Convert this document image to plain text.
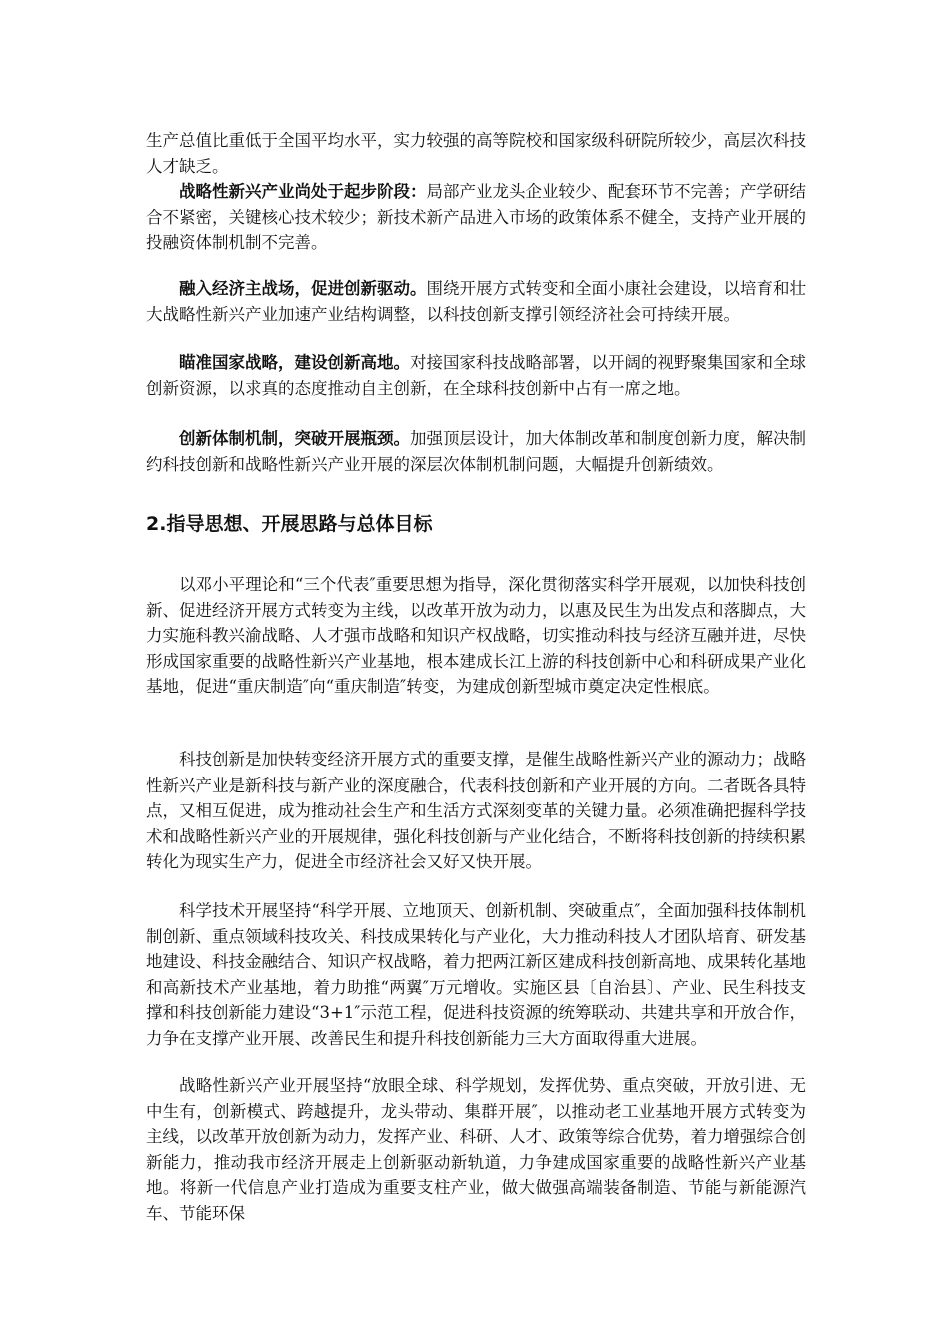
生产总值比重低于全国平均水平，实力较强的高等院校和国家级科研院所较少，高层次科技人才缺乏。

战略性新兴产业尚处于起步阶段：局部产业龙头企业较少、配套环节不完善；产学研结合不紧密，关键核心技术较少；新技术新产品进入市场的政策体系不健全，支持产业开展的投融资体制机制不完善。

融入经济主战场，促进创新驱动。围绕开展方式转变和全面小康社会建设，以培育和壮大战略性新兴产业加速产业结构调整，以科技创新支撑引领经济社会可持续开展。

瞄准国家战略，建设创新高地。对接国家科技战略部署，以开阔的视野聚集国家和全球创新资源，以求真的态度推动自主创新，在全球科技创新中占有一席之地。

创新体制机制，突破开展瓶颈。加强顶层设计，加大体制改革和制度创新力度，解决制约科技创新和战略性新兴产业开展的深层次体制机制问题，大幅提升创新绩效。

2.指导思想、开展思路与总体目标

以邓小平理论和“三个代表″重要思想为指导，深化贯彻落实科学开展观，以加快科技创新、促进经济开展方式转变为主线，以改革开放为动力，以惠及民生为出发点和落脚点，大力实施科教兴渝战略、人才强市战略和知识产权战略，切实推动科技与经济互融并进，尽快形成国家重要的战略性新兴产业基地，根本建成长江上游的科技创新中心和科研成果产业化基地，促进“重庆制造″向“重庆制造″转变，为建成创新型城市奠定决定性根底。

科技创新是加快转变经济开展方式的重要支撑，是催生战略性新兴产业的源动力；战略性新兴产业是新科技与新产业的深度融合，代表科技创新和产业开展的方向。二者既各具特点，又相互促进，成为推动社会生产和生活方式深刻变革的关键力量。必须准确把握科学技术和战略性新兴产业的开展规律，强化科技创新与产业化结合，不断将科技创新的持续积累转化为现实生产力，促进全市经济社会又好又快开展。

科学技术开展坚持“科学开展、立地顶天、创新机制、突破重点″，全面加强科技体制机制创新、重点领域科技攻关、科技成果转化与产业化，大力推动科技人才团队培育、研发基地建设、科技金融结合、知识产权战略，着力把两江新区建成科技创新高地、成果转化基地和高新技术产业基地，着力助推“两翼″万元增收。实施区县〔自治县〕、产业、民生科技支撑和科技创新能力建设“3+1″示范工程，促进科技资源的统筹联动、共建共享和开放合作，力争在支撑产业开展、改善民生和提升科技创新能力三大方面取得重大进展。

战略性新兴产业开展坚持“放眼全球、科学规划，发挥优势、重点突破，开放引进、无中生有，创新模式、跨越提升，龙头带动、集群开展″，以推动老工业基地开展方式转变为主线，以改革开放创新为动力，发挥产业、科研、人才、政策等综合优势，着力增强综合创新能力，推动我市经济开展走上创新驱动新轨道，力争建成国家重要的战略性新兴产业基地。将新一代信息产业打造成为重要支柱产业，做大做强高端装备制造、节能与新能源汽车、节能环保
